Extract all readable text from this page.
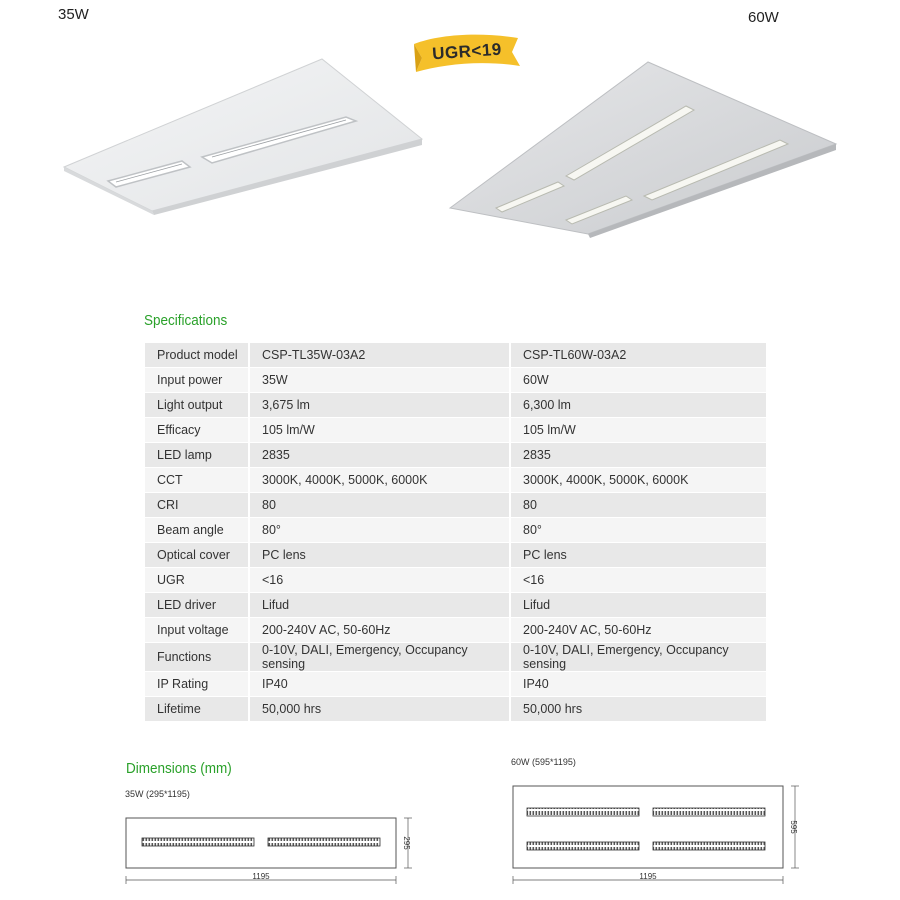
35W	60W
UGR<19
Specifications
Product model	CSP-TL35W-03A2	CSP-TL60W-03A2
Input power	35W	60W
Light output	3,675 lm	6,300 lm
Efficacy	105 lm/W	105 lm/W
LED lamp	2835	2835
CCT	3000K, 4000K, 5000K, 6000K	3000K, 4000K, 5000K, 6000K
CRI	80	80
Beam angle	80°	80°
Optical cover	PC lens	PC lens
UGR	<16	<16
LED driver	Lifud	Lifud
Input voltage	200-240V AC, 50-60Hz	200-240V AC, 50-60Hz
Functions	0-10V, DALI, Emergency, Occupancy sensing	0-10V, DALI, Emergency, Occupancy sensing
IP Rating	IP40	IP40
Lifetime	50,000 hrs	50,000 hrs
Dimensions (mm)
35W (295*1195)
60W (595*1195)
1195
295
1195
595
